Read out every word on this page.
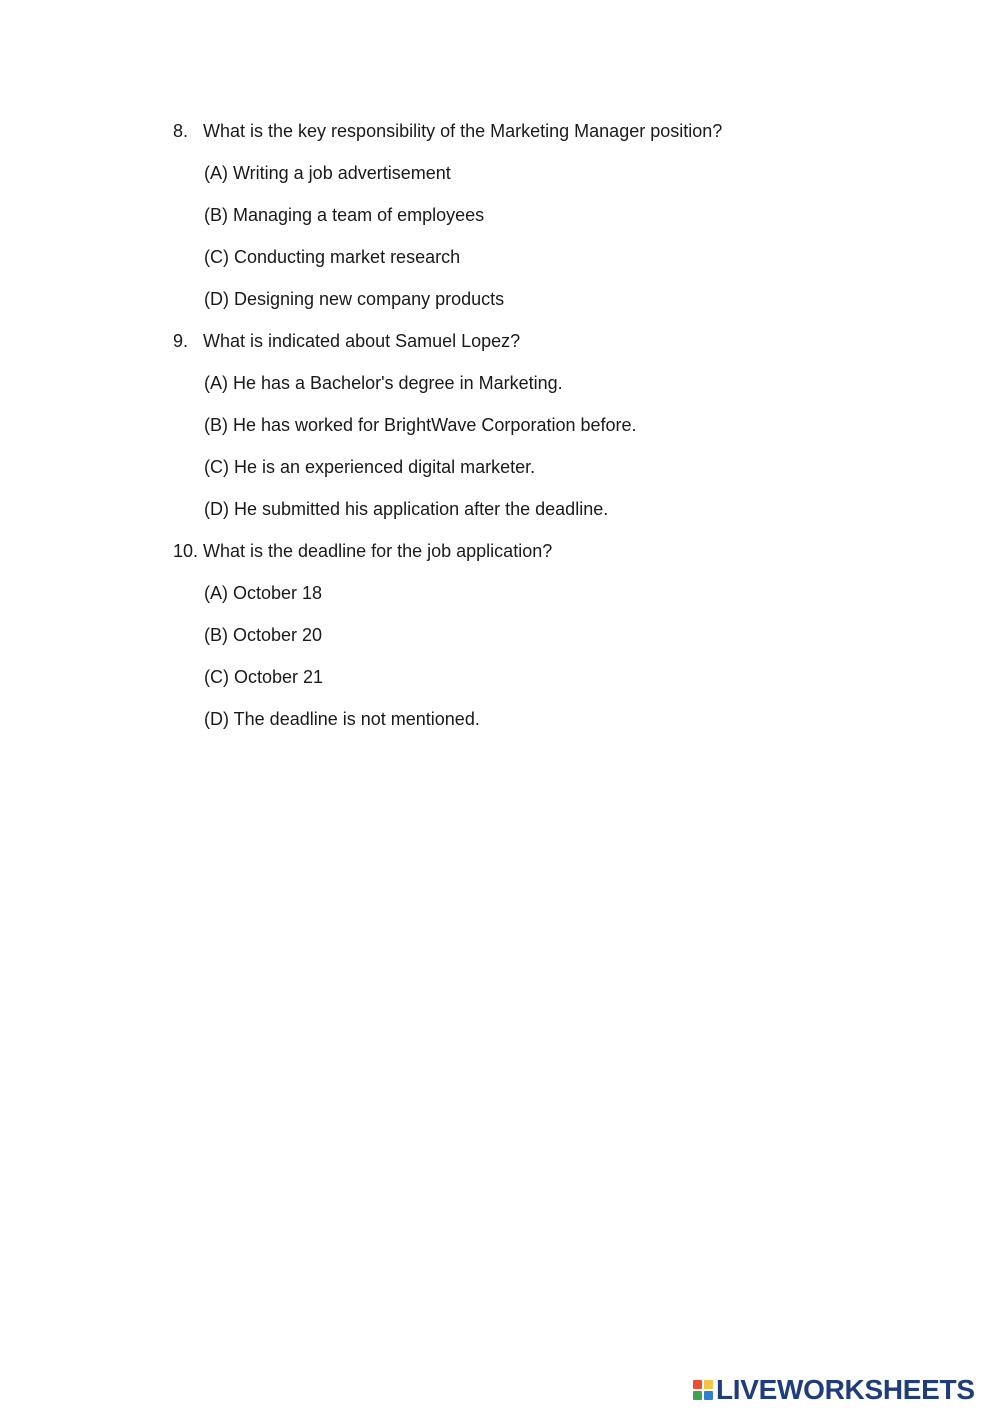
8. What is the key responsibility of the Marketing Manager position?
(A) Writing a job advertisement
(B) Managing a team of employees
(C) Conducting market research
(D) Designing new company products
9. What is indicated about Samuel Lopez?
(A) He has a Bachelor's degree in Marketing.
(B) He has worked for BrightWave Corporation before.
(C) He is an experienced digital marketer.
(D) He submitted his application after the deadline.
10. What is the deadline for the job application?
(A) October 18
(B) October 20
(C) October 21
(D) The deadline is not mentioned.
LIVEWORKSHEETS
